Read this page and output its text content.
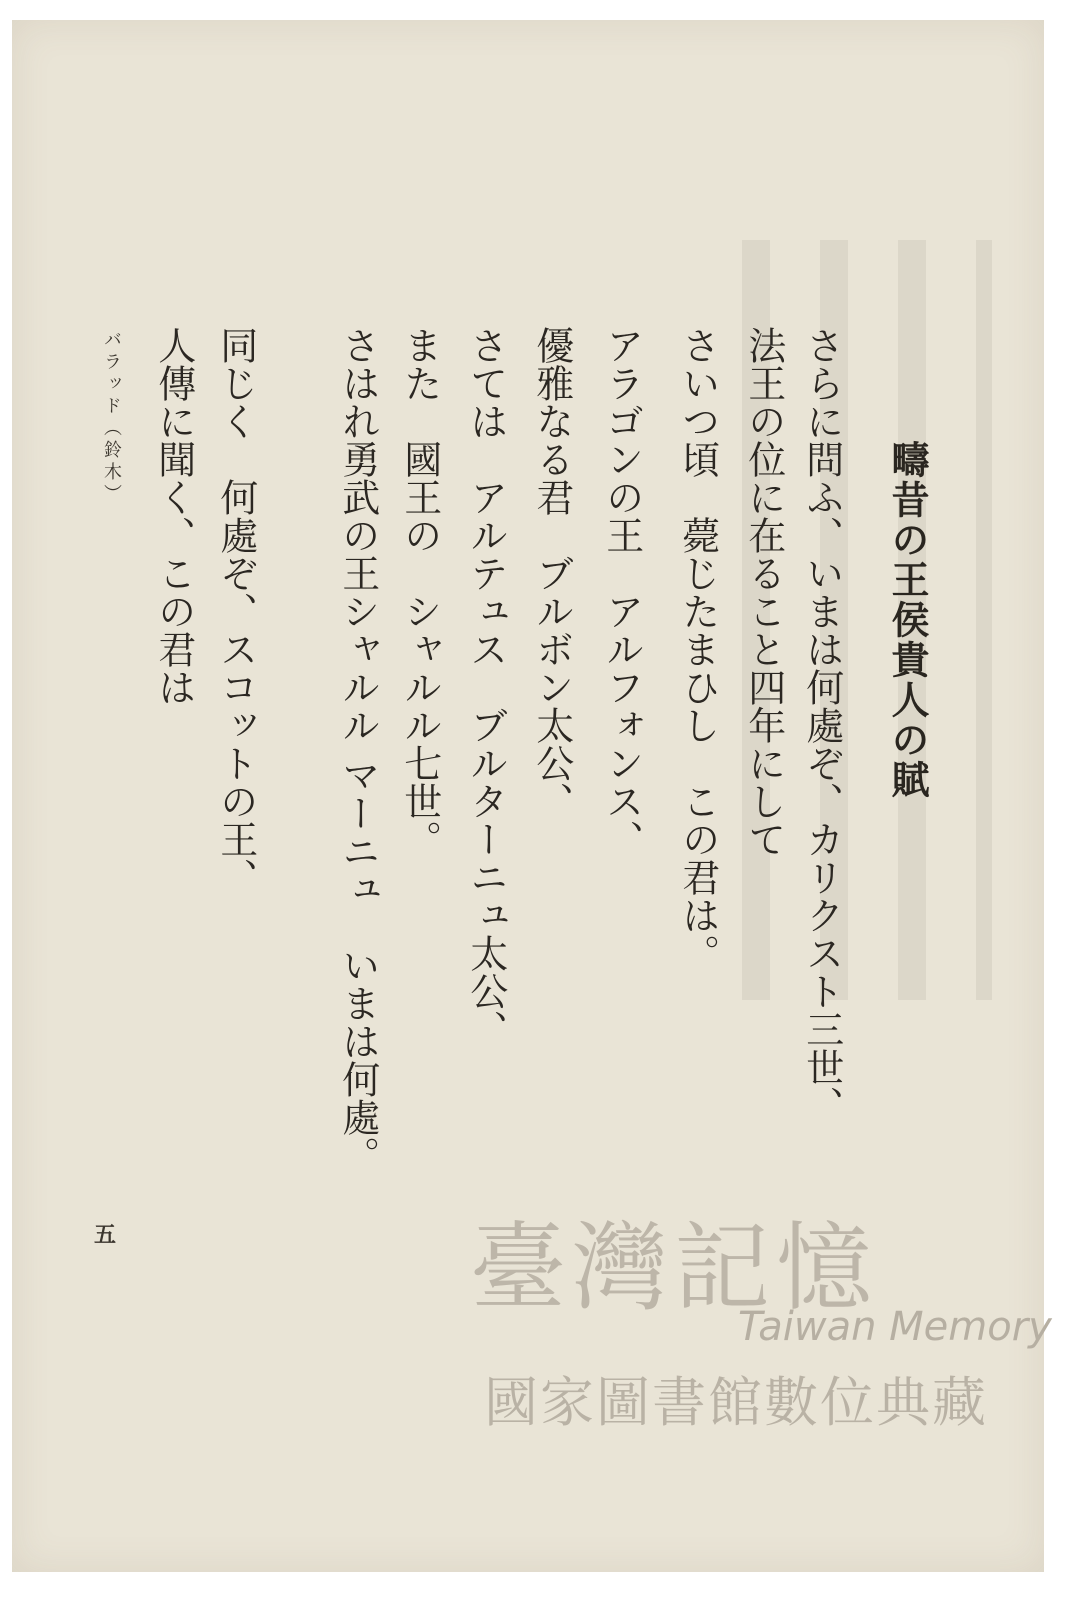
疇昔の王侯貴人の賦
さらに問ふ、いまは何處ぞ、カリクスト三世、
法王の位に在ること四年にして
さいつ頃　薨じたまひし　この君は。
アラゴンの王　アルフォンス、
優雅なる君　ブルボン太公、
さては　アルテュス　ブルターニュ太公、
また　國王の　シャルル七世。
さはれ勇武の王シャルル マーニュ　いまは何處。
同じく　何處ぞ、スコットの王、
人傳に聞く、この君は
バラッド（鈴木）
五	臺灣記憶
Taiwan Memory
國家圖書館數位典藏
